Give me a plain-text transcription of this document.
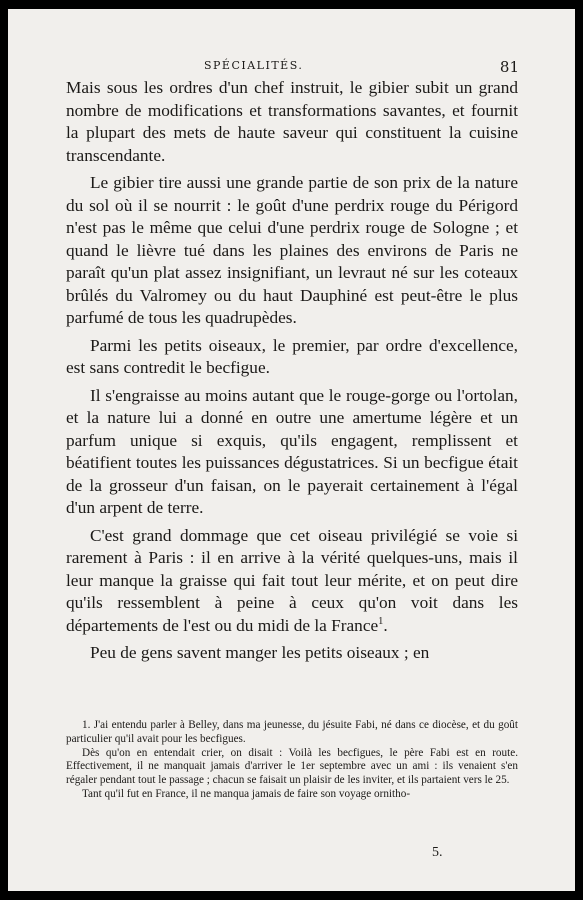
SPÉCIALITÉS.	81

Mais sous les ordres d'un chef instruit, le gibier subit un grand nombre de modifications et transformations savantes, et fournit la plupart des mets de haute saveur qui constituent la cuisine transcendante.

Le gibier tire aussi une grande partie de son prix de la nature du sol où il se nourrit : le goût d'une perdrix rouge du Périgord n'est pas le même que celui d'une perdrix rouge de Sologne ; et quand le lièvre tué dans les plaines des environs de Paris ne paraît qu'un plat assez insignifiant, un levraut né sur les coteaux brûlés du Valromey ou du haut Dauphiné est peut-être le plus parfumé de tous les quadrupèdes.

Parmi les petits oiseaux, le premier, par ordre d'excellence, est sans contredit le becfigue.

Il s'engraisse au moins autant que le rouge-gorge ou l'ortolan, et la nature lui a donné en outre une amertume légère et un parfum unique si exquis, qu'ils engagent, remplissent et béatifient toutes les puissances dégustatrices. Si un becfigue était de la grosseur d'un faisan, on le payerait certainement à l'égal d'un arpent de terre.

C'est grand dommage que cet oiseau privilégié se voie si rarement à Paris : il en arrive à la vérité quelques-uns, mais il leur manque la graisse qui fait tout leur mérite, et on peut dire qu'ils ressemblent à peine à ceux qu'on voit dans les départements de l'est ou du midi de la France$^1$.

Peu de gens savent manger les petits oiseaux ; en

1. J'ai entendu parler à Belley, dans ma jeunesse, du jésuite Fabi, né dans ce diocèse, et du goût particulier qu'il avait pour les becfigues.

Dès qu'on en entendait crier, on disait : Voilà les becfigues, le père Fabi est en route. Effectivement, il ne manquait jamais d'arriver le 1er septembre avec un ami : ils venaient s'en régaler pendant tout le passage ; chacun se faisait un plaisir de les inviter, et ils partaient vers le 25.

Tant qu'il fut en France, il ne manqua jamais de faire son voyage ornitho-

5.
